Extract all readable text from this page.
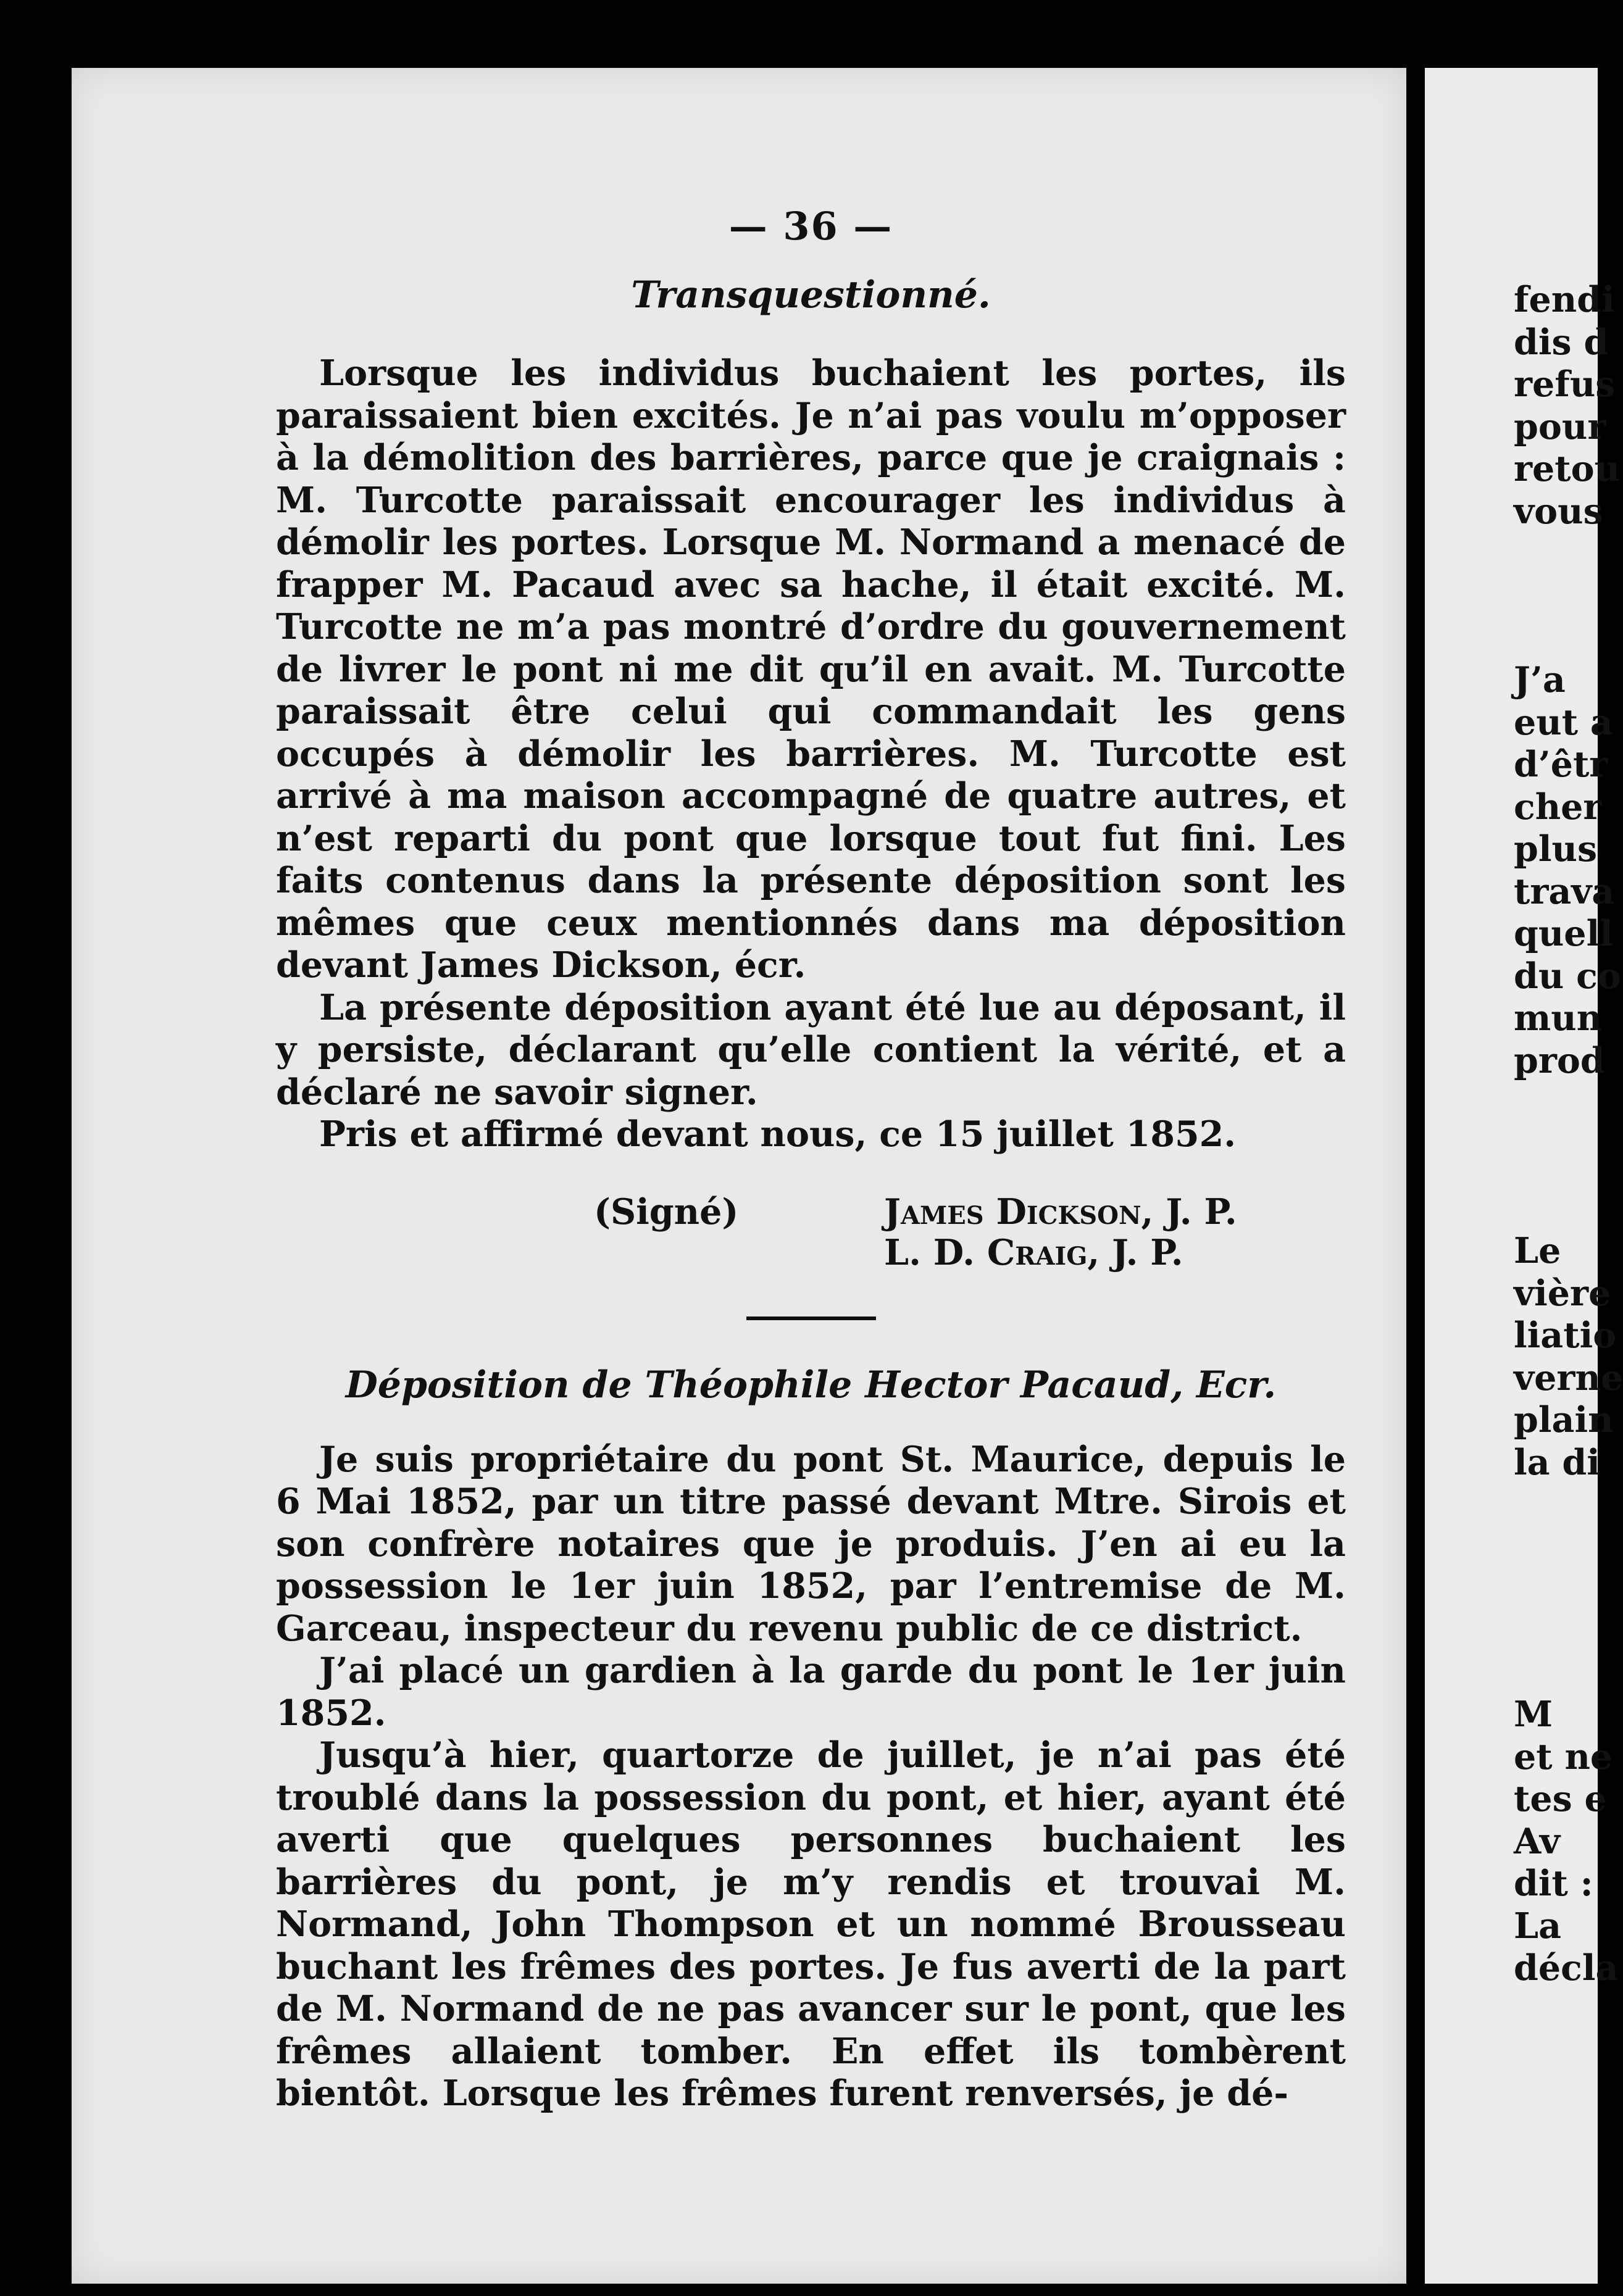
— 36 —
Transquestionné.

Lorsque les individus buchaient les portes, ils paraissaient bien excités. Je n’ai pas voulu m’opposer à la démolition des barrières, parce que je craignais : M. Turcotte paraissait encourager les individus à démolir les portes. Lorsque M. Normand a menacé de frapper M. Pacaud avec sa hache, il était excité. M. Turcotte ne m’a pas montré d’ordre du gouvernement de livrer le pont ni me dit qu’il en avait. M. Turcotte paraissait être celui qui commandait les gens occupés à démolir les barrières. M. Turcotte est arrivé à ma maison accompagné de quatre autres, et n’est reparti du pont que lorsque tout fut fini. Les faits contenus dans la présente déposition sont les mêmes que ceux mentionnés dans ma déposition devant James Dickson, écr.

La présente déposition ayant été lue au déposant, il y persiste, déclarant qu’elle contient la vérité, et a déclaré ne savoir signer.

Pris et affirmé devant nous, ce 15 juillet 1852.

(Signé)	James Dickson, J. P.
L. D. Craig, J. P.
Déposition de Théophile Hector Pacaud, Ecr.

Je suis propriétaire du pont St. Maurice, depuis le 6 Mai 1852, par un titre passé devant Mtre. Sirois et son confrère notaires que je produis. J’en ai eu la possession le 1er juin 1852, par l’entremise de M. Garceau, inspecteur du revenu public de ce district.

J’ai placé un gardien à la garde du pont le 1er juin 1852.

Jusqu’à hier, quartorze de juillet, je n’ai pas été troublé dans la possession du pont, et hier, ayant été averti que quelques personnes buchaient les barrières du pont, je m’y rendis et trouvai M. Normand, John Thompson et un nommé Brousseau buchant les frêmes des portes. Je fus averti de la part de M. Normand de ne pas avancer sur le pont, que les frêmes allaient tomber. En effet ils tombèrent bientôt. Lorsque les frêmes furent renversés, je dé-

fendi
dis d
refus
pour
retou
vous
J’a
eut a
d’êtr
cher
plus
trava
quell
du co
mun
prod
Le
vière
liatio
verne
plain
la di
M
et ne
tes e
Av
dit :
La
décla
